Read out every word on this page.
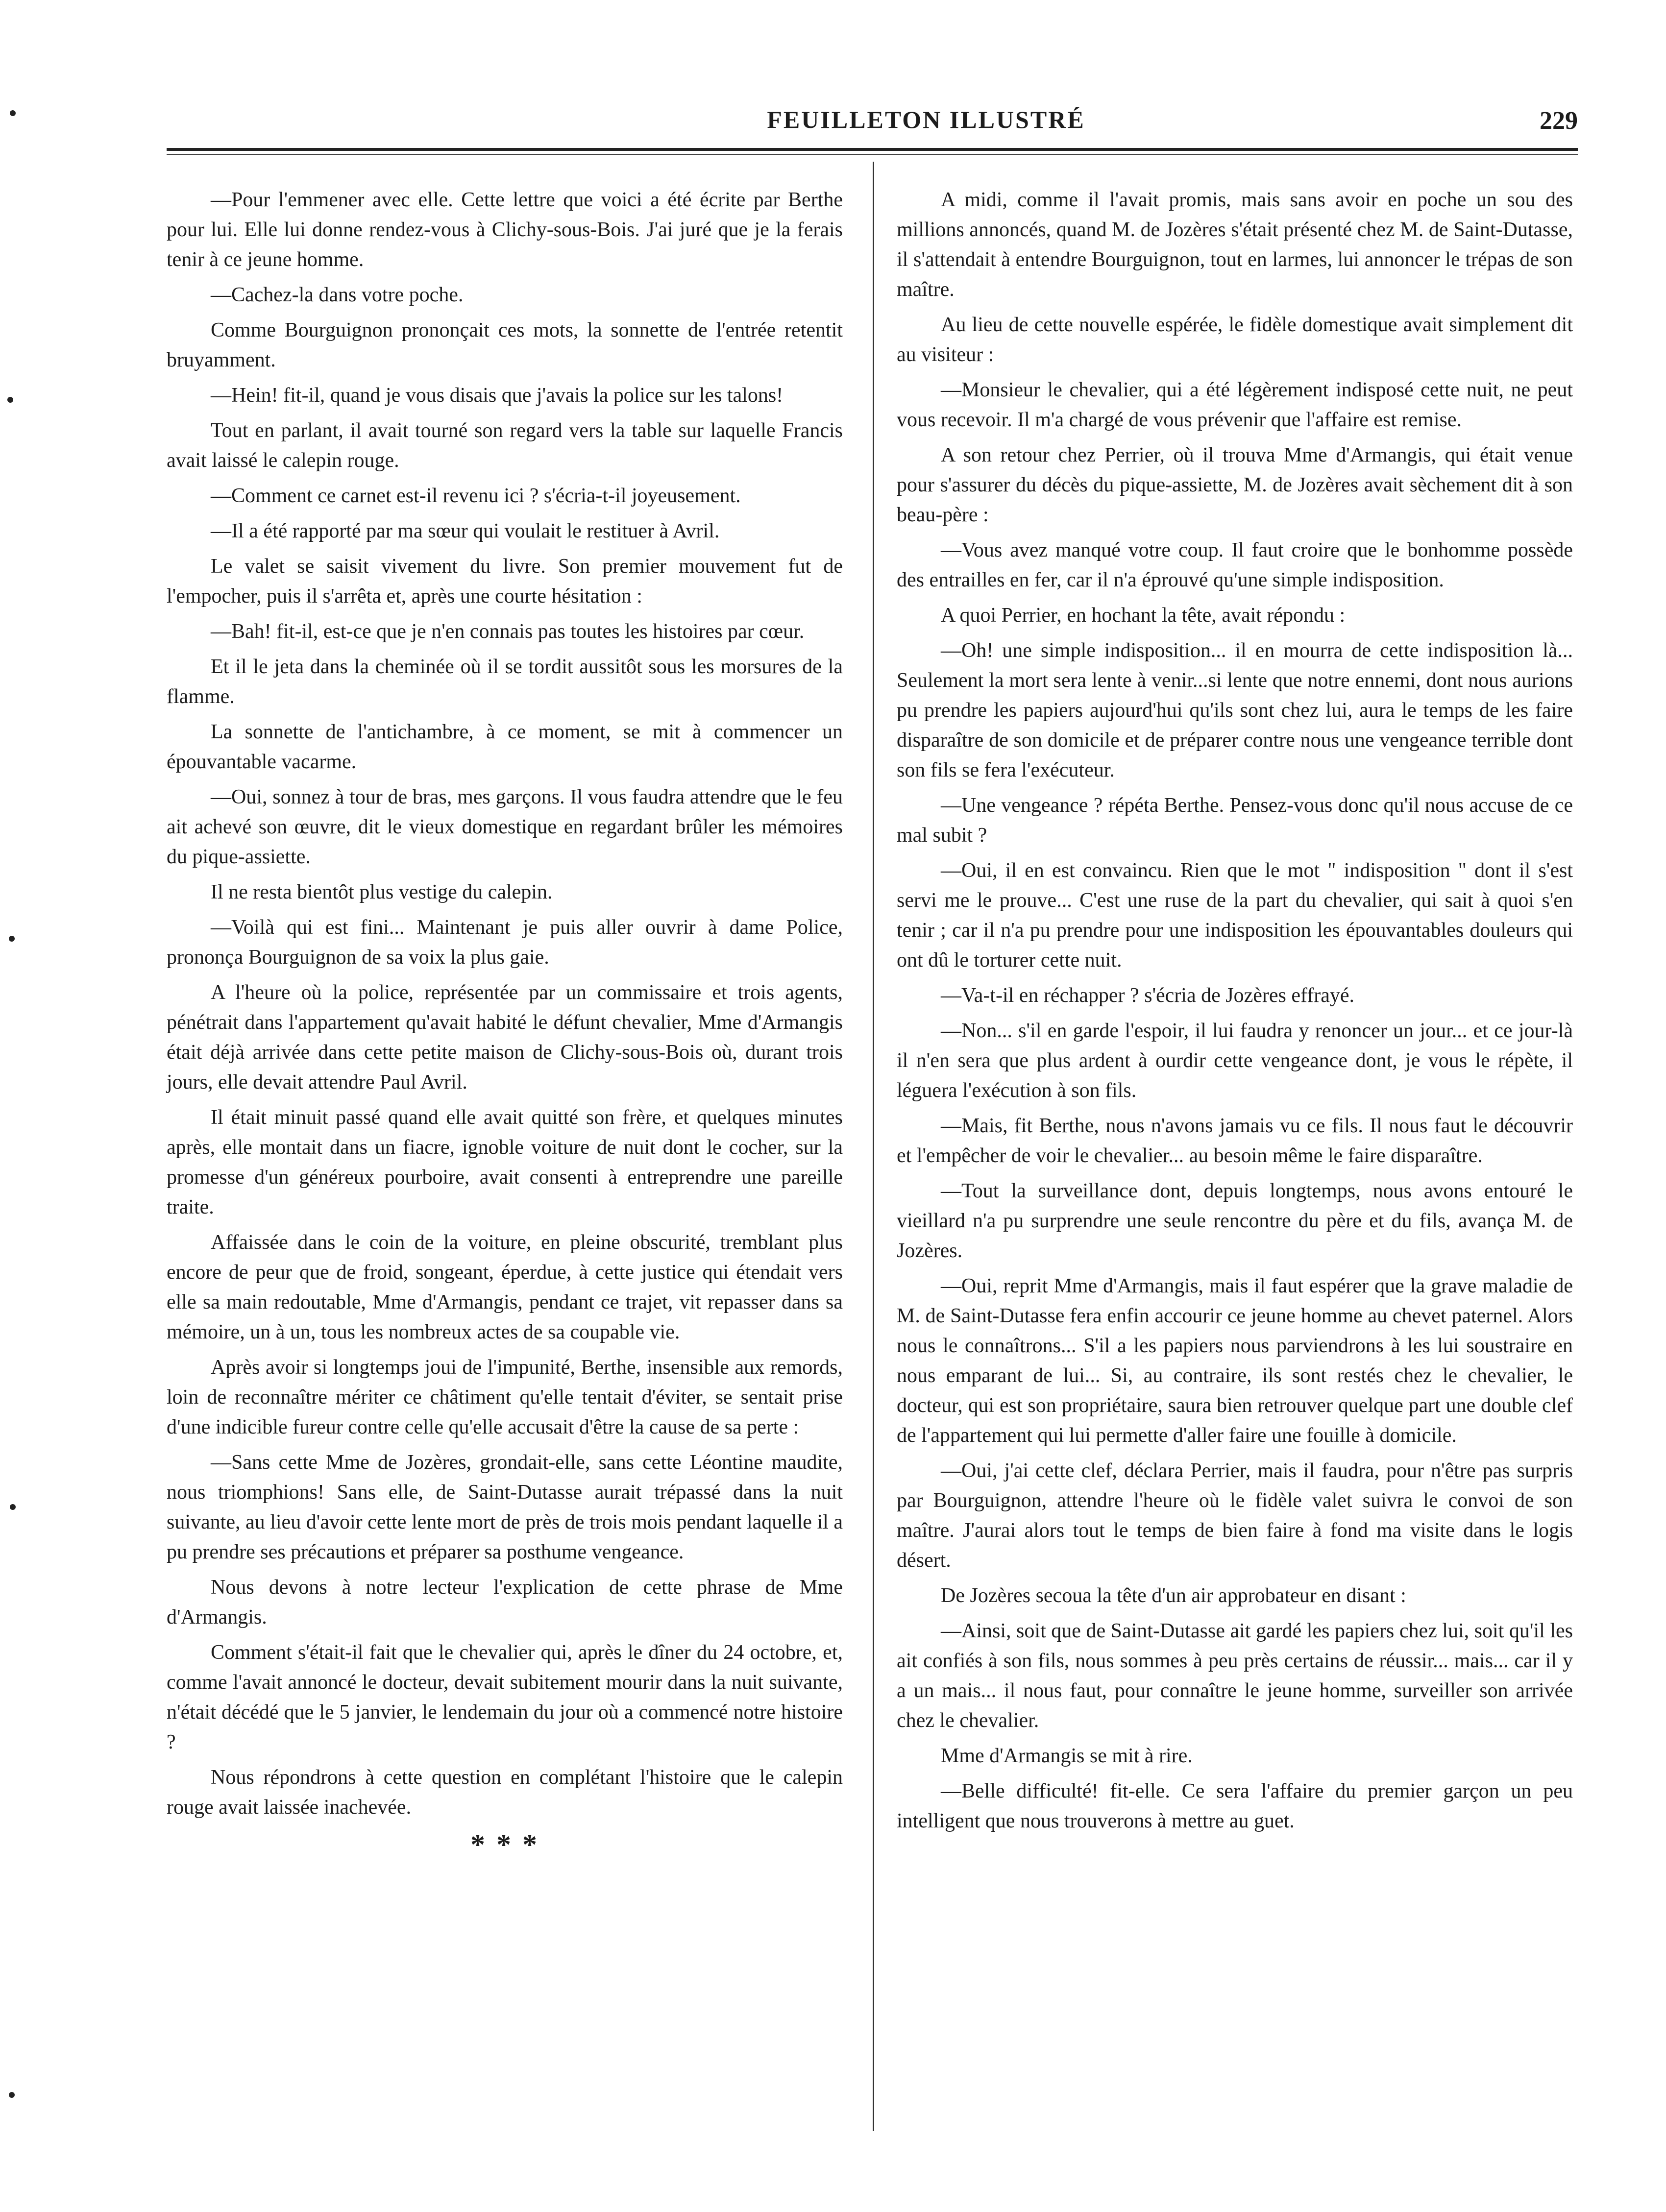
FEUILLETON ILLUSTRÉ	229

—Pour l'emmener avec elle. Cette lettre que voici a été écrite par Berthe pour lui. Elle lui donne rendez-vous à Clichy-sous-Bois. J'ai juré que je la ferais tenir à ce jeune homme.

—Cachez-la dans votre poche.

Comme Bourguignon prononçait ces mots, la sonnette de l'entrée retentit bruyamment.

—Hein! fit-il, quand je vous disais que j'avais la police sur les talons!

Tout en parlant, il avait tourné son regard vers la table sur laquelle Francis avait laissé le calepin rouge.

—Comment ce carnet est-il revenu ici ? s'écria-t-il joyeusement.

—Il a été rapporté par ma sœur qui voulait le restituer à Avril.

Le valet se saisit vivement du livre. Son premier mouvement fut de l'empocher, puis il s'arrêta et, après une courte hésitation :

—Bah! fit-il, est-ce que je n'en connais pas toutes les histoires par cœur.

Et il le jeta dans la cheminée où il se tordit aussitôt sous les morsures de la flamme.

La sonnette de l'antichambre, à ce moment, se mit à commencer un épouvantable vacarme.

—Oui, sonnez à tour de bras, mes garçons. Il vous faudra attendre que le feu ait achevé son œuvre, dit le vieux domestique en regardant brûler les mémoires du pique-assiette.

Il ne resta bientôt plus vestige du calepin.

—Voilà qui est fini... Maintenant je puis aller ouvrir à dame Police, prononça Bourguignon de sa voix la plus gaie.

A l'heure où la police, représentée par un commissaire et trois agents, pénétrait dans l'appartement qu'avait habité le défunt chevalier, Mme d'Armangis était déjà arrivée dans cette petite maison de Clichy-sous-Bois où, durant trois jours, elle devait attendre Paul Avril.

Il était minuit passé quand elle avait quitté son frère, et quelques minutes après, elle montait dans un fiacre, ignoble voiture de nuit dont le cocher, sur la promesse d'un généreux pourboire, avait consenti à entreprendre une pareille traite.

Affaissée dans le coin de la voiture, en pleine obscurité, tremblant plus encore de peur que de froid, songeant, éperdue, à cette justice qui étendait vers elle sa main redoutable, Mme d'Armangis, pendant ce trajet, vit repasser dans sa mémoire, un à un, tous les nombreux actes de sa coupable vie.

Après avoir si longtemps joui de l'impunité, Berthe, insensible aux remords, loin de reconnaître mériter ce châtiment qu'elle tentait d'éviter, se sentait prise d'une indicible fureur contre celle qu'elle accusait d'être la cause de sa perte :

—Sans cette Mme de Jozères, grondait-elle, sans cette Léontine maudite, nous triomphions! Sans elle, de Saint-Dutasse aurait trépassé dans la nuit suivante, au lieu d'avoir cette lente mort de près de trois mois pendant laquelle il a pu prendre ses précautions et préparer sa posthume vengeance.

Nous devons à notre lecteur l'explication de cette phrase de Mme d'Armangis.

Comment s'était-il fait que le chevalier qui, après le dîner du 24 octobre, et, comme l'avait annoncé le docteur, devait subitement mourir dans la nuit suivante, n'était décédé que le 5 janvier, le lendemain du jour où a commencé notre histoire ?

Nous répondrons à cette question en complétant l'histoire que le calepin rouge avait laissée inachevée.

* * *

A midi, comme il l'avait promis, mais sans avoir en poche un sou des millions annoncés, quand M. de Jozères s'était présenté chez M. de Saint-Dutasse, il s'attendait à entendre Bourguignon, tout en larmes, lui annoncer le trépas de son maître.

Au lieu de cette nouvelle espérée, le fidèle domestique avait simplement dit au visiteur :

—Monsieur le chevalier, qui a été légèrement indisposé cette nuit, ne peut vous recevoir. Il m'a chargé de vous prévenir que l'affaire est remise.

A son retour chez Perrier, où il trouva Mme d'Armangis, qui était venue pour s'assurer du décès du pique-assiette, M. de Jozères avait sèchement dit à son beau-père :

—Vous avez manqué votre coup. Il faut croire que le bonhomme possède des entrailles en fer, car il n'a éprouvé qu'une simple indisposition.

A quoi Perrier, en hochant la tête, avait répondu :

—Oh! une simple indisposition... il en mourra de cette indisposition là... Seulement la mort sera lente à venir...si lente que notre ennemi, dont nous aurions pu prendre les papiers aujourd'hui qu'ils sont chez lui, aura le temps de les faire disparaître de son domicile et de préparer contre nous une vengeance terrible dont son fils se fera l'exécuteur.

—Une vengeance ? répéta Berthe. Pensez-vous donc qu'il nous accuse de ce mal subit ?

—Oui, il en est convaincu. Rien que le mot " indisposition " dont il s'est servi me le prouve... C'est une ruse de la part du chevalier, qui sait à quoi s'en tenir ; car il n'a pu prendre pour une indisposition les épouvantables douleurs qui ont dû le torturer cette nuit.

—Va-t-il en réchapper ? s'écria de Jozères effrayé.

—Non... s'il en garde l'espoir, il lui faudra y renoncer un jour... et ce jour-là il n'en sera que plus ardent à ourdir cette vengeance dont, je vous le répète, il léguera l'exécution à son fils.

—Mais, fit Berthe, nous n'avons jamais vu ce fils. Il nous faut le découvrir et l'empêcher de voir le chevalier... au besoin même le faire disparaître.

—Tout la surveillance dont, depuis longtemps, nous avons entouré le vieillard n'a pu surprendre une seule rencontre du père et du fils, avança M. de Jozères.

—Oui, reprit Mme d'Armangis, mais il faut espérer que la grave maladie de M. de Saint-Dutasse fera enfin accourir ce jeune homme au chevet paternel. Alors nous le connaîtrons... S'il a les papiers nous parviendrons à les lui soustraire en nous emparant de lui... Si, au contraire, ils sont restés chez le chevalier, le docteur, qui est son propriétaire, saura bien retrouver quelque part une double clef de l'appartement qui lui permette d'aller faire une fouille à domicile.

—Oui, j'ai cette clef, déclara Perrier, mais il faudra, pour n'être pas surpris par Bourguignon, attendre l'heure où le fidèle valet suivra le convoi de son maître. J'aurai alors tout le temps de bien faire à fond ma visite dans le logis désert.

De Jozères secoua la tête d'un air approbateur en disant :

—Ainsi, soit que de Saint-Dutasse ait gardé les papiers chez lui, soit qu'il les ait confiés à son fils, nous sommes à peu près certains de réussir... mais... car il y a un mais... il nous faut, pour connaître le jeune homme, surveiller son arrivée chez le chevalier.

Mme d'Armangis se mit à rire.

—Belle difficulté! fit-elle. Ce sera l'affaire du premier garçon un peu intelligent que nous trouverons à mettre au guet.
